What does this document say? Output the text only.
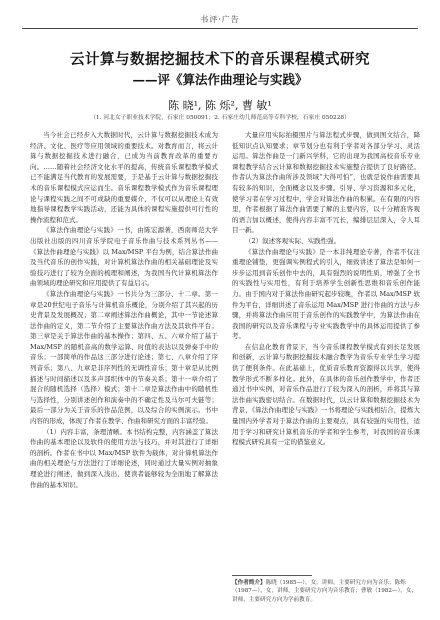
书评·广告
云计算与数据挖掘技术下的音乐课程模式研究
——评《算法作曲理论与实践》
陈 晓¹, 陈 烁², 曹 敏¹
（1. 河北女子职业技术学院，石家庄 050091；2. 石家庄幼儿师范高等专科学校，石家庄 050228）

当今社会已经步入大数据时代，云计算与数据挖掘技术成为经济、文化、医疗等应用领域的重要技术。对教育而言，将云计算与数据挖掘技术进行融合，已成为当前教育改革的重要方向。……随着社会经济文化水平的提高，传统音乐课程教学模式已不能满足当代教育的发展需要，于是基于云计算与数据挖掘技术的音乐课程模式应运而生。音乐课程教学模式作为音乐课程理论与课程实践之间不可或缺的重要媒介，不仅可以从理论上有效地指导课程教学实践活动，还能为具体的课程实施提供可行性的操作流程和范式。

《算法作曲理论与实践》一书，由陈宏源著，西南师范大学出版社出版的四川音乐学院电子音乐作曲与技术系列丛书——《算法作曲理论与实践》以 Max/MSP 平台为例，结合算法作曲及当代音乐的创作实践，对计算机算法作曲的相关基础理论及实验技巧进行了较为全面的梳理和阐述，为我国当代计算机算法作曲领域的理论研究和应用提供了有益启示。

《算法作曲理论与实践》一书共分为三部分、十二章。第一章是20世纪电子音乐与计算机音乐概论，分别介绍了其兴起的历史背景及发展概况；第二章阐述算法作曲概论，其中一节论述算法作曲的定义，第二节介绍了主要算法作曲方法及其软件平台；第三章是关于算法作曲的基本操作；第四、五、六章介绍了基于 Max/MSP 的随机音高的数学运算、时值的表达以及弹奏手中的音乐；一部简单的作品这三部分进行论述；第七、八章介绍了序列音乐；第八、九章是非序列性的无调性音乐；第十章是从比例描述与时间描述以及多声部织体中的节奏关系；第十一章介绍了混合的随机选择（选择）模式；第十二章是算法作曲中的随机性与选择性，分别讲述创作和演奏中的不确定性及马尔可夫链等；最后一部分为关于音乐的作品范例，以及综合的实例演示。书中内容的形成，体现了作者在教学、作曲和研究方面的丰富经验。

（1）内容丰富，条理清晰。本书结构完整，内容涵盖了算法作曲的基本理论以及软件的使用方法与技巧，并对其进行了详细的剖析。作者在书中以 Max/MSP 软件为载体，对计算机算法作曲的相关理论与方法进行了详细论述，同时通过大量实例对抽象理论进行阐述，做到深入浅出，使读者能够较为全面地了解算法作曲的基本知识。

大量应用实际拍摄照片与算法程式步骤，做到图文结合，降低知识点认知要求；章节划分也有利于学者对各部分学习、灵活运用。算法作曲是一门新兴学科，它的出现为我国高校音乐专业课程教学结合云计算和数据挖掘技术实施整合提供了良好路径。作者认为算法作曲所涉及领域“大得可怕”，也就是说作曲需要具有较多的知识，全面概念以及步骤。引导、学习资源和多元化，使学习者在学习过程中，学会对算法作曲的积累。在有限的内容里，作者根据了算法作曲需要了解的主要内容，以十分精准客观的语言加以概述，使得内容丰富不冗长，编排层层深入，令人耳目一新。

（2）叙述客观实际，实践性强。

《算法作曲理论与实践》是一本非纯理论专著，作者不仅注重理论铺垫，更强调实例程式的引入，细致讲述了算法是如何一步步运用到音乐创作中去的，具有强烈的说明性质，增强了全书的实践性与实用性，有利于培养学生创新性思维和音乐创作能力。由于国内对于算法作曲研究起步较晚，作者以 Max/MSP 软件为平台，详细讲述了音乐运用 Max/MSP 进行作曲的方法与步骤，并将算法作曲应用于音乐创作的实践教学中，为算法作曲在我国的研究以及音乐课程与专业实践教学中的具体运用提供了参考。

在信息化教育背景下，当今音乐课程教学模式有到长足发展和创新，云计算与数据挖掘技术融合教学为音乐专业学生学习提供了便利条件。在此基础上，优质音乐教育资源得以共享，使得教学形式不断多样化。此外，在具体的音乐创作教学中，作者还通过书中实例，对音乐作品进行了较为深入的剖析，并将其与算法作曲实践密切结合。在数据时代，以云计算和数据挖掘技术为背景，《算法作曲理论与实践》一书将理论与实践相结合，提炼大量国内外学者对于算法作曲的主要观点，具有较强的实用性，适用于学习和研究计算机音乐的学者和学生参考，对我国的音乐课程模式研究具有一定的借鉴意义。

【作者简介】陈晓（1985—），女，讲师，主要研究方向为音乐；陈烁（1987—），女，讲师，主要研究方向为音乐教育；曹敏（1982—），女，讲师，主要研究方向为学前教育。
